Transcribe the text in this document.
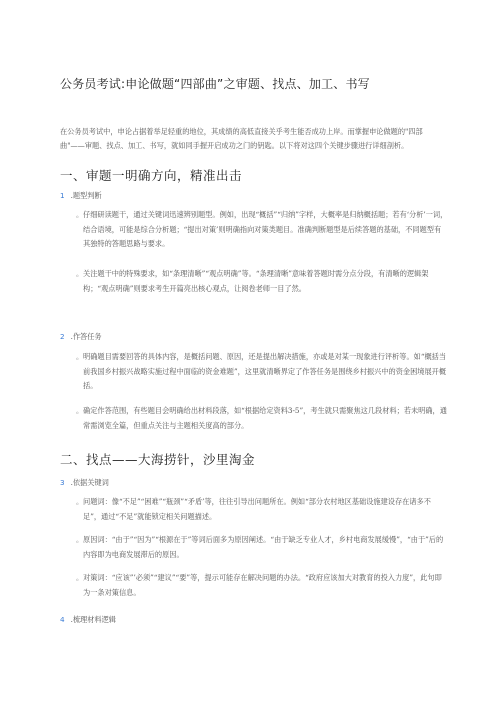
公务员考试:申论做题“四部曲”之审题、找点、加工、书写
在公务员考试中，申论占据着举足轻重的地位，其成绩的高低直接关乎考生能否成功上岸。而掌握申论做题的"四部曲"——审题、找点、加工、书写，就如同手握开启成功之门的钥匙。以下将对这四个关键步骤进行详细剖析。
一、审题一明确方向，精准出击
1 .题型判断
。 仔细研读题干，通过关键词迅速辨别题型。例如，出现“概括”“归纳”字样，大概率是归纳概括题；若有‘分析’一词，结合语境，可能是综合分析题；“提出对策’则明确指向对策类题目。准确判断题型是后续答题的基础，不同题型有其独特的答题思路与要求。
。 关注题干中的特殊要求，如“条理清晰”“观点明确”等。“条理清晰”意味着答题时需分点分段，有清晰的逻辑架构；“观点明确”则要求考生开篇亮出核心观点，让阅卷老师一目了然。
2 .作答任务
。 明确题目需要回答的具体内容，是概括问题、原因，还是提出解决措施，亦或是对某一现象进行评析等。如“概括当前我国乡村振兴战略实施过程中面临的资金难题”，这里就清晰界定了作答任务是围绕乡村振兴中的资金困境展开概括。
。 确定作答范围，有些题目会明确给出材料段落，如“根据给定资料3-5”，考生就只需聚焦这几段材料；若未明确，通常需浏览全篇，但重点关注与主题相关度高的部分。
二、找点——大海捞针，沙里淘金
3 .依据关键词
。 问题词：像“不足”“困难”“瓶颈”“矛盾’等，往往引导出问题所在。例如“部分农村地区基础设施建设存在诸多不足”，通过“不足”就能锁定相关问题描述。
。 原因词：“由于”“因为”“根源在于”等词后面多为原因阐述。“由于缺乏专业人才，乡村电商发展缓慢”，“由于”后的内容即为电商发展滞后的原因。
。 对策词：“应该”’必须”“建议”“要”等，提示可能存在解决问题的办法。“政府应该加大对教育的投入力度”，此句即为一条对策信息。
4 .梳理材料逻辑
